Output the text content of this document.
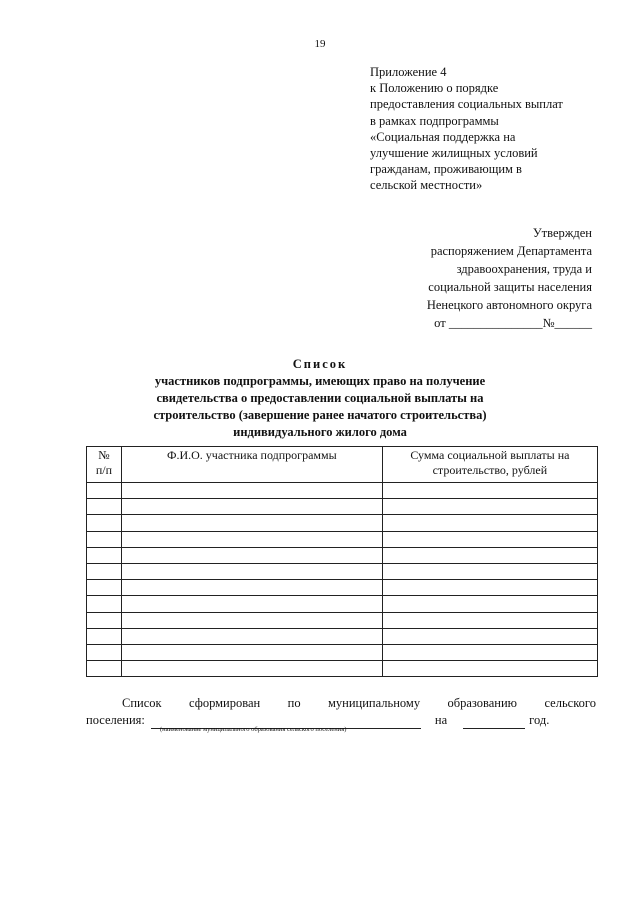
19
Приложение 4
к Положению о порядке
предоставления социальных выплат
в рамках подпрограммы
«Социальная поддержка на
улучшение жилищных условий
гражданам, проживающим в
сельской местности»
Утвержден
распоряжением Департамента
здравоохранения, труда и
социальной защиты населения
Ненецкого автономного округа
от _______________№______
Список
участников подпрограммы, имеющих право на получение
свидетельства о предоставлении социальной выплаты на
строительство (завершение ранее начатого строительства)
индивидуального жилого дома
№
п/п	Ф.И.О. участника подпрограммы	Сумма социальной выплаты на
строительство, рублей

Список сформирован по муниципальному образованию сельского
поселения:	на	год.
(наименование муниципального образования сельского поселения)
